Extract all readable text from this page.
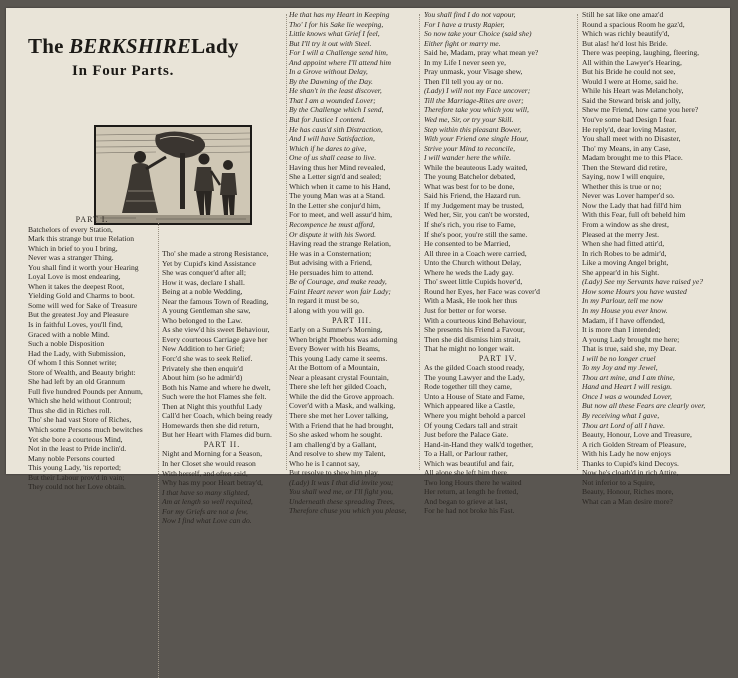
The BERKSHIRELady
In Four Parts.

PART I.

Batchelors of every Station,

Mark this strange but true Relation

Which in brief to you I bring,

Never was a stranger Thing.

You shall find it worth your Hearing

Loyal Love is most endearing,

When it takes the deepest Root,

Yielding Gold and Charms to boot.

Some will wed for Sake of Treasure

But the greatest Joy and Pleasure

Is in faithful Loves, you'll find,

Graced with a noble Mind.

Such a noble Disposition

Had the Lady, with Submission,

Of whom I this Sonnet write;

Store of Wealth, and Beauty bright:

She had left by an old Grannum

Full five hundred Pounds per Annum,

Which she held without Controul;

Thus she did in Riches roll.

Tho' she had vast Store of Riches,

Which some Persons much bewitches

Yet she bore a courteous Mind,

Not in the least to Pride inclin'd.

Many noble Persons courted

This young Lady, 'tis reported;

But their Labour prov'd in vain;

They could not her Love obtain.

Tho' she made a strong Resistance,

Yet by Cupid's kind Assistance

She was conquer'd after all;

How it was, declare I shall.

Being at a noble Wedding,

Near the famous Town of Reading,

A young Gentleman she saw,

Who belonged to the Law.

As she view'd his sweet Behaviour,

Every courteous Carriage gave her

New Addition to her Grief;

Forc'd she was to seek Relief.

Privately she then enquir'd

About him (so he admir'd)

Both his Name and where he dwelt,

Such were the hot Flames she felt.

Then at Night this youthful Lady

Call'd her Coach, which being ready

Homewards then she did return,

But her Heart with Flames did burn.

PART II.

Night and Morning for a Season,

In her Closet she would reason

With herself, and often said,

Why has my poor Heart betray'd,

I that have so many slighted,

Am at length so well requited,

For my Griefs are not a few,

Now I find what Love can do.

He that has my Heart in Keeping

Tho' I for his Sake lie weeping,

Little knows what Grief I feel,

But I'll try it out with Steel.

For I will a Challenge send him,

And appoint where I'll attend him

In a Grove without Delay,

By the Dawning of the Day.

He shan't in the least discover,

That I am a wounded Lover;

By the Challenge which I send,

But for Justice I contend.

He has caus'd sith Distraction,

And I will have Satisfaction,

Which if he dares to give,

One of us shall cease to live.

Having thus her Mind revealed,

She a Letter sign'd and sealed;

Which when it came to his Hand,

The young Man was at a Stand.

In the Letter she conjur'd him,

For to meet, and well assur'd him,

Recompence he must afford,

Or dispute it with his Sword.

Having read the strange Relation,

He was in a Consternation;

But advising with a Friend,

He persuades him to attend.

Be of Courage, and make ready,

Faint Heart never won fair Lady;

In regard it must be so,

I along with you will go.

PART III.

Early on a Summer's Morning,

When bright Phoebus was adorning

Every Bower with his Beams,

This young Lady came it seems.

At the Bottom of a Mountain,

Near a pleasant crystal Fountain,

There she left her gilded Coach,

While the did the Grove approach.

Cover'd with a Mask, and walking,

There she met her Lover talking,

With a Friend that he had brought,

So she asked whom he sought.

I am challeng'd by a Gallant,

And resolve to shew my Talent,

Who he is I cannot say,

But resolve to shew him play.

(Lady) It was I that did invite you;

You shall wed me, or I'll fight you,

Underneath these spreading Trees,

Therefore chuse you which you please,

You shall find I do not vapour,

For I have a trusty Rapier,

So now take your Choice (said she)

Either fight or marry me.

Said he, Madam, pray what mean ye?

In my Life I never seen ye,

Pray unmask, your Visage shew,

Then I'll tell you ay or no.

(Lady) I will not my Face uncover;

Till the Marriage-Rites are over;

Therefore take you which you will,

Wed me, Sir, or try your Skill.

Step within this pleasant Bower,

With your Friend one single Hour,

Strive your Mind to reconcile,

I will wander here the while.

While the beauteous Lady waited,

The young Batchelor debated,

What was best for to be done,

Said his Friend, the Hazard run.

If my Judgement may be trusted,

Wed her, Sir, you can't be worsted,

If she's rich, you rise to Fame,

If she's poor, you're still the same.

He consented to be Married,

All three in a Coach were carried,

Unto the Church without Delay,

Where he weds the Lady gay.

Tho' sweet little Cupids hover'd,

Round her Eyes, her Face was cover'd

With a Mask, He took her thus

Just for better or for worse.

With a courteous kind Behaviour,

She presents his Friend a Favour,

Then she did dismiss him strait,

That he might no longer wait.

PART IV.

As the gilded Coach stood ready,

The young Lawyer and the Lady,

Rode together till they came,

Unto a House of State and Fame,

Which appeared like a Castle,

Where you might behold a parcel

Of young Cedars tall and strait

Just before the Palace Gate.

Hand-in-Hand they walk'd together,

To a Hall, or Parlour rather,

Which was beautiful and fair,

All alone she left him there.

Two long Hours there he waited

Her return, at length he fretted,

And began to grieve at last,

For he had not broke his Fast.

Still he sat like one amaz'd

Round a spacious Room he gaz'd,

Which was richly beautify'd,

But alas! he'd lost his Bride.

There was peeping, laughing, fleering,

All within the Lawyer's Hearing,

But his Bride he could not see,

Would I were at Home, said he.

While his Heart was Melancholy,

Said the Steward brisk and jolly,

Shew me Friend, how came you here?

You've some bad Design I fear.

He reply'd, dear loving Master,

You shall meet with no Disaster,

Tho' my Means, in any Case,

Madam brought me to this Place.

Then the Steward did retire,

Saying, now I will enquire,

Whether this is true or no;

Never was Lover hamper'd so.

Now the Lady that had fill'd him

With this Fear, full oft beheld him

From a window as she drest,

Pleased at the merry Jest.

When she had fitted attir'd,

In rich Robes to be admir'd,

Like a moving Angel bright,

She appear'd in his Sight.

(Lady) See my Servants have raised ye?

How some Hours you have wasted

In my Parlour, tell me now

In my House you ever know.

Madam, if I have offended,

It is more than I intended;

A young Lady brought me here;

That is true, said she, my Dear.

I will be no longer cruel

To my Joy and my Jewel,

Thou art mine, and I am thine,

Hand and Heart I will resign.

Once I was a wounded Lover,

But now all these Fears are clearly over,

By receiving what I gave,

Thou art Lord of all I have.

Beauty, Honour, Love and Treasure,

A rich Golden Stream of Pleasure,

With his Lady he now enjoys

Thanks to Cupid's kind Decoys.

Now he's cloath'd in rich Attire,

Not inferior to a Squire,

Beauty, Honour, Riches more,

What can a Man desire more?
